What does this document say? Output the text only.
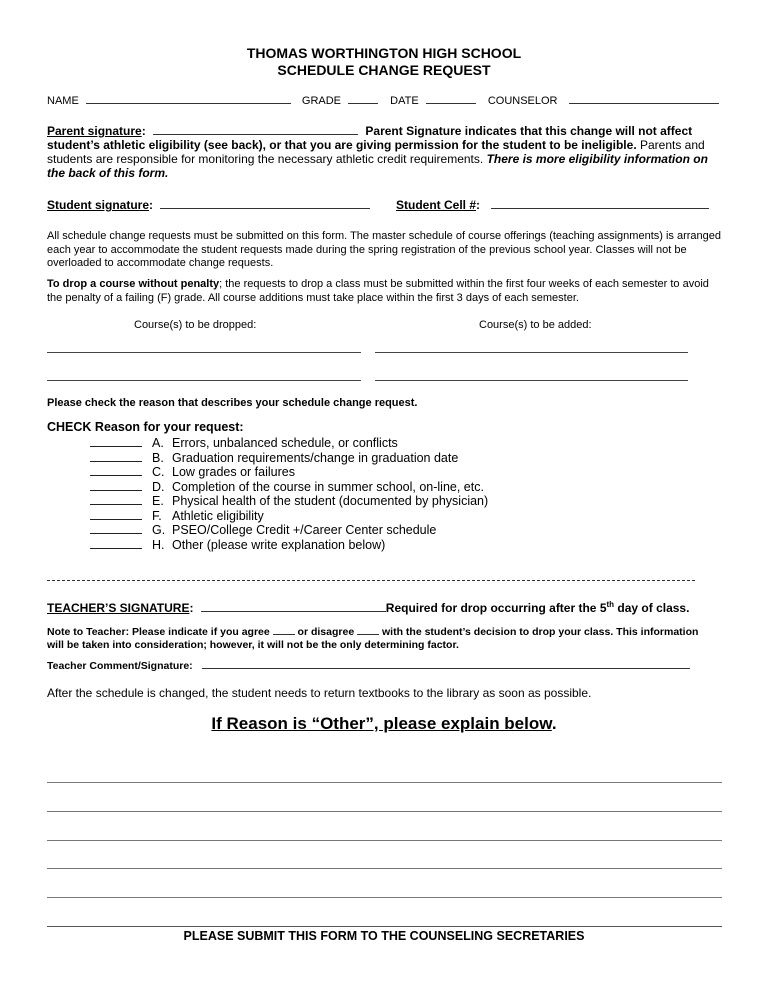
THOMAS WORTHINGTON HIGH SCHOOL
SCHEDULE CHANGE REQUEST
NAME	GRADE	DATE	COUNSELOR
Parent signature:	Parent Signature indicates that this change will not affect student’s athletic eligibility (see back), or that you are giving permission for the student to be ineligible. Parents and students are responsible for monitoring the necessary athletic credit requirements. There is more eligibility information on the back of this form.
Student signature:	Student Cell #:
All schedule change requests must be submitted on this form. The master schedule of course offerings (teaching assignments) is arranged each year to accommodate the student requests made during the spring registration of the previous school year. Classes will not be overloaded to accommodate change requests.
To drop a course without penalty; the requests to drop a class must be submitted within the first four weeks of each semester to avoid the penalty of a failing (F) grade. All course additions must take place within the first 3 days of each semester.
Course(s) to be dropped:	Course(s) to be added:
Please check the reason that describes your schedule change request.
CHECK Reason for your request:
A. Errors, unbalanced schedule, or conflicts
B. Graduation requirements/change in graduation date
C. Low grades or failures
D. Completion of the course in summer school, on-line, etc.
E. Physical health of the student (documented by physician)
F. Athletic eligibility
G. PSEO/College Credit +/Career Center schedule
H. Other (please write explanation below)
TEACHER’S SIGNATURE:	Required for drop occurring after the 5th day of class.
Note to Teacher: Please indicate if you agree  or disagree  with the student’s decision to drop your class. This information will be taken into consideration; however, it will not be the only determining factor.
Teacher Comment/Signature:
After the schedule is changed, the student needs to return textbooks to the library as soon as possible.
If Reason is “Other”, please explain below.
PLEASE SUBMIT THIS FORM TO THE COUNSELING SECRETARIES
